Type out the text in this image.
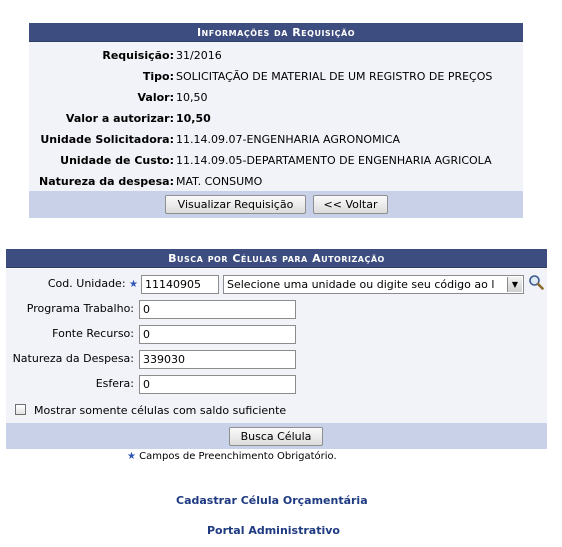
Informações da Requisição
Requisição: 31/2016
Tipo: SOLICITAÇÃO DE MATERIAL DE UM REGISTRO DE PREÇOS
Valor: 10,50
Valor a autorizar: 10,50
Unidade Solicitadora: 11.14.09.07-ENGENHARIA AGRONOMICA
Unidade de Custo: 11.14.09.05-DEPARTAMENTO DE ENGENHARIA AGRICOLA
Natureza da despesa: MAT. CONSUMO
Visualizar Requisição	<< Voltar
Busca por Células para Autorização
Cod. Unidade: ★
11140905	Selecione uma unidade ou digite seu código ao l	▼
Programa Trabalho:
0
Fonte Recurso:
0
Natureza da Despesa:
339030
Esfera:
0
Mostrar somente células com saldo suficiente
Busca Célula
★ Campos de Preenchimento Obrigatório.
Cadastrar Célula Orçamentária
Portal Administrativo
